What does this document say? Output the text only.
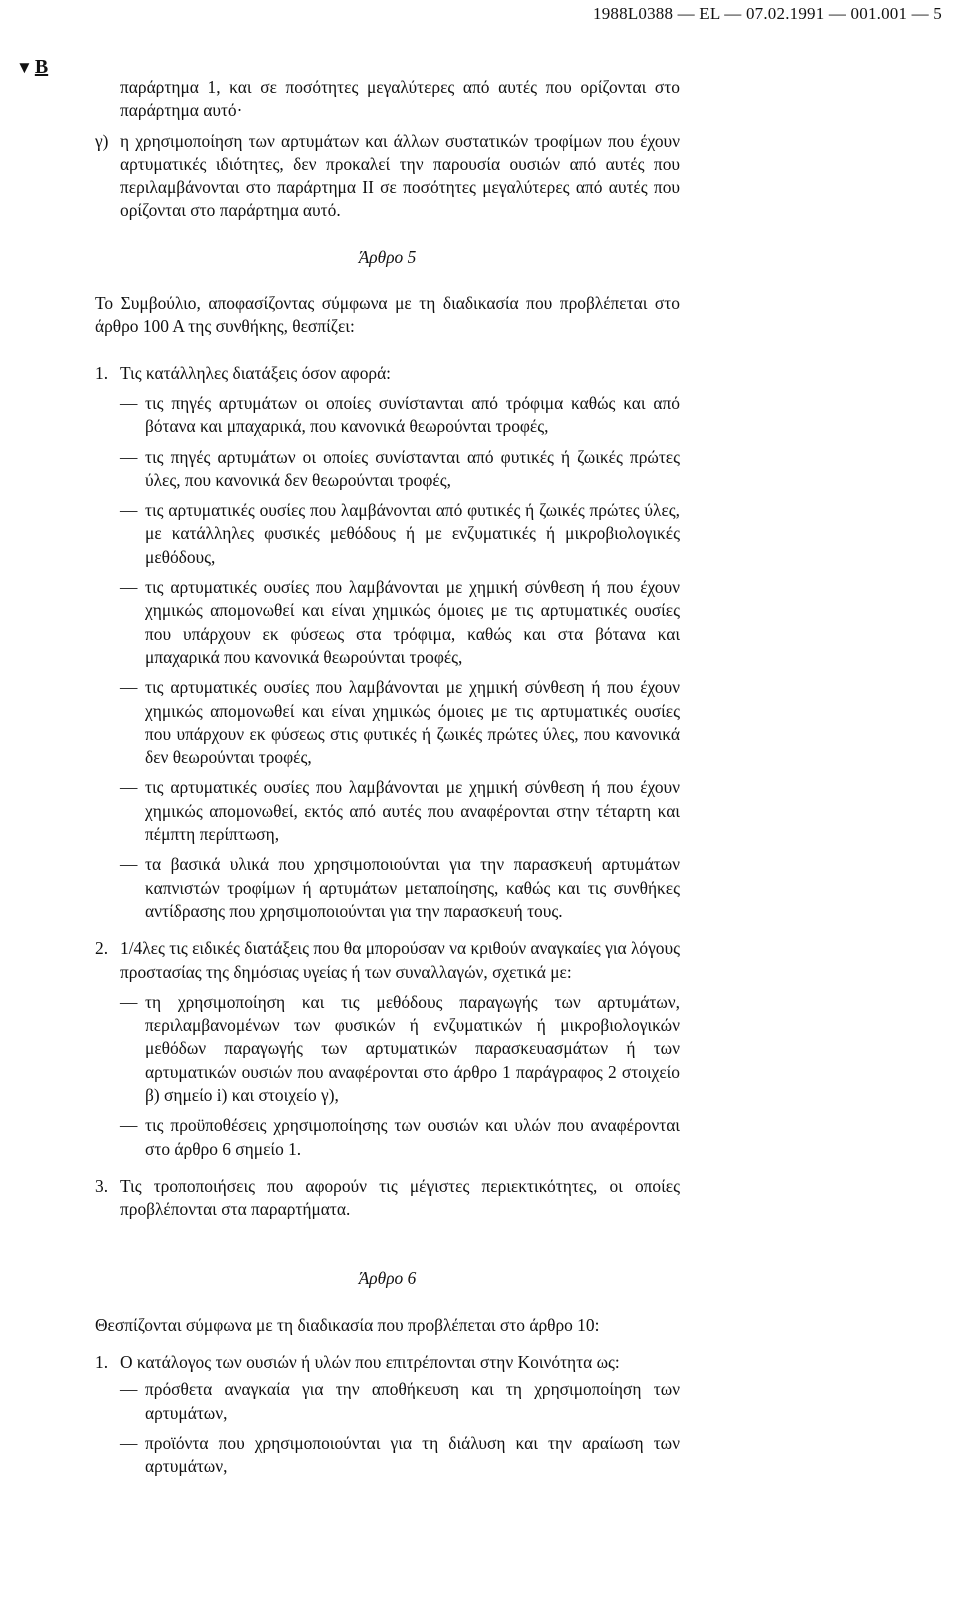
1988L0388 — EL — 07.02.1991 — 001.001 — 5
▼ B

παράρτημα 1, και σε ποσότητες μεγαλύτερες από αυτές που ορίζονται στο παράρτημα αυτό·

γ) η χρησιμοποίηση των αρτυμάτων και άλλων συστατικών τροφίμων που έχουν αρτυματικές ιδιότητες, δεν προκαλεί την παρουσία ουσιών από αυτές που περιλαμβάνονται στο παράρτημα II σε ποσότητες μεγαλύτερες από αυτές που ορίζονται στο παράρτημα αυτό.

Άρθρο 5

Το Συμβούλιο, αποφασίζοντας σύμφωνα με τη διαδικασία που προβλέπεται στο άρθρο 100 Α της συνθήκης, θεσπίζει:

1. Τις κατάλληλες διατάξεις όσον αφορά:

— τις πηγές αρτυμάτων οι οποίες συνίστανται από τρόφιμα καθώς και από βότανα και μπαχαρικά, που κανονικά θεωρούνται τροφές,

— τις πηγές αρτυμάτων οι οποίες συνίστανται από φυτικές ή ζωικές πρώτες ύλες, που κανονικά δεν θεωρούνται τροφές,

— τις αρτυματικές ουσίες που λαμβάνονται από φυτικές ή ζωικές πρώτες ύλες, με κατάλληλες φυσικές μεθόδους ή με ενζυματικές ή μικροβιολογικές μεθόδους,

— τις αρτυματικές ουσίες που λαμβάνονται με χημική σύνθεση ή που έχουν χημικώς απομονωθεί και είναι χημικώς όμοιες με τις αρτυματικές ουσίες που υπάρχουν εκ φύσεως στα τρόφιμα, καθώς και στα βότανα και μπαχαρικά που κανονικά θεωρούνται τροφές,

— τις αρτυματικές ουσίες που λαμβάνονται με χημική σύνθεση ή που έχουν χημικώς απομονωθεί και είναι χημικώς όμοιες με τις αρτυματικές ουσίες που υπάρχουν εκ φύσεως στις φυτικές ή ζωικές πρώτες ύλες, που κανονικά δεν θεωρούνται τροφές,

— τις αρτυματικές ουσίες που λαμβάνονται με χημική σύνθεση ή που έχουν χημικώς απομονωθεί, εκτός από αυτές που αναφέρονται στην τέταρτη και πέμπτη περίπτωση,

— τα βασικά υλικά που χρησιμοποιούνται για την παρασκευή αρτυμάτων καπνιστών τροφίμων ή αρτυμάτων μεταποίησης, καθώς και τις συνθήκες αντίδρασης που χρησιμοποιούνται για την παρασκευή τους.

2. 1/4λες τις ειδικές διατάξεις που θα μπορούσαν να κριθούν αναγκαίες για λόγους προστασίας της δημόσιας υγείας ή των συναλλαγών, σχετικά με:

— τη χρησιμοποίηση και τις μεθόδους παραγωγής των αρτυμάτων, περιλαμβανομένων των φυσικών ή ενζυματικών ή μικροβιολογικών μεθόδων παραγωγής των αρτυματικών παρασκευασμάτων ή των αρτυματικών ουσιών που αναφέρονται στο άρθρο 1 παράγραφος 2 στοιχείο β) σημείο i) και στοιχείο γ),

— τις προϋποθέσεις χρησιμοποίησης των ουσιών και υλών που αναφέρονται στο άρθρο 6 σημείο 1.

3. Τις τροποποιήσεις που αφορούν τις μέγιστες περιεκτικότητες, οι οποίες προβλέπονται στα παραρτήματα.

Άρθρο 6

Θεσπίζονται σύμφωνα με τη διαδικασία που προβλέπεται στο άρθρο 10:

1. Ο κατάλογος των ουσιών ή υλών που επιτρέπονται στην Κοινότητα ως:

— πρόσθετα αναγκαία για την αποθήκευση και τη χρησιμοποίηση των αρτυμάτων,

— προϊόντα που χρησιμοποιούνται για τη διάλυση και την αραίωση των αρτυμάτων,
